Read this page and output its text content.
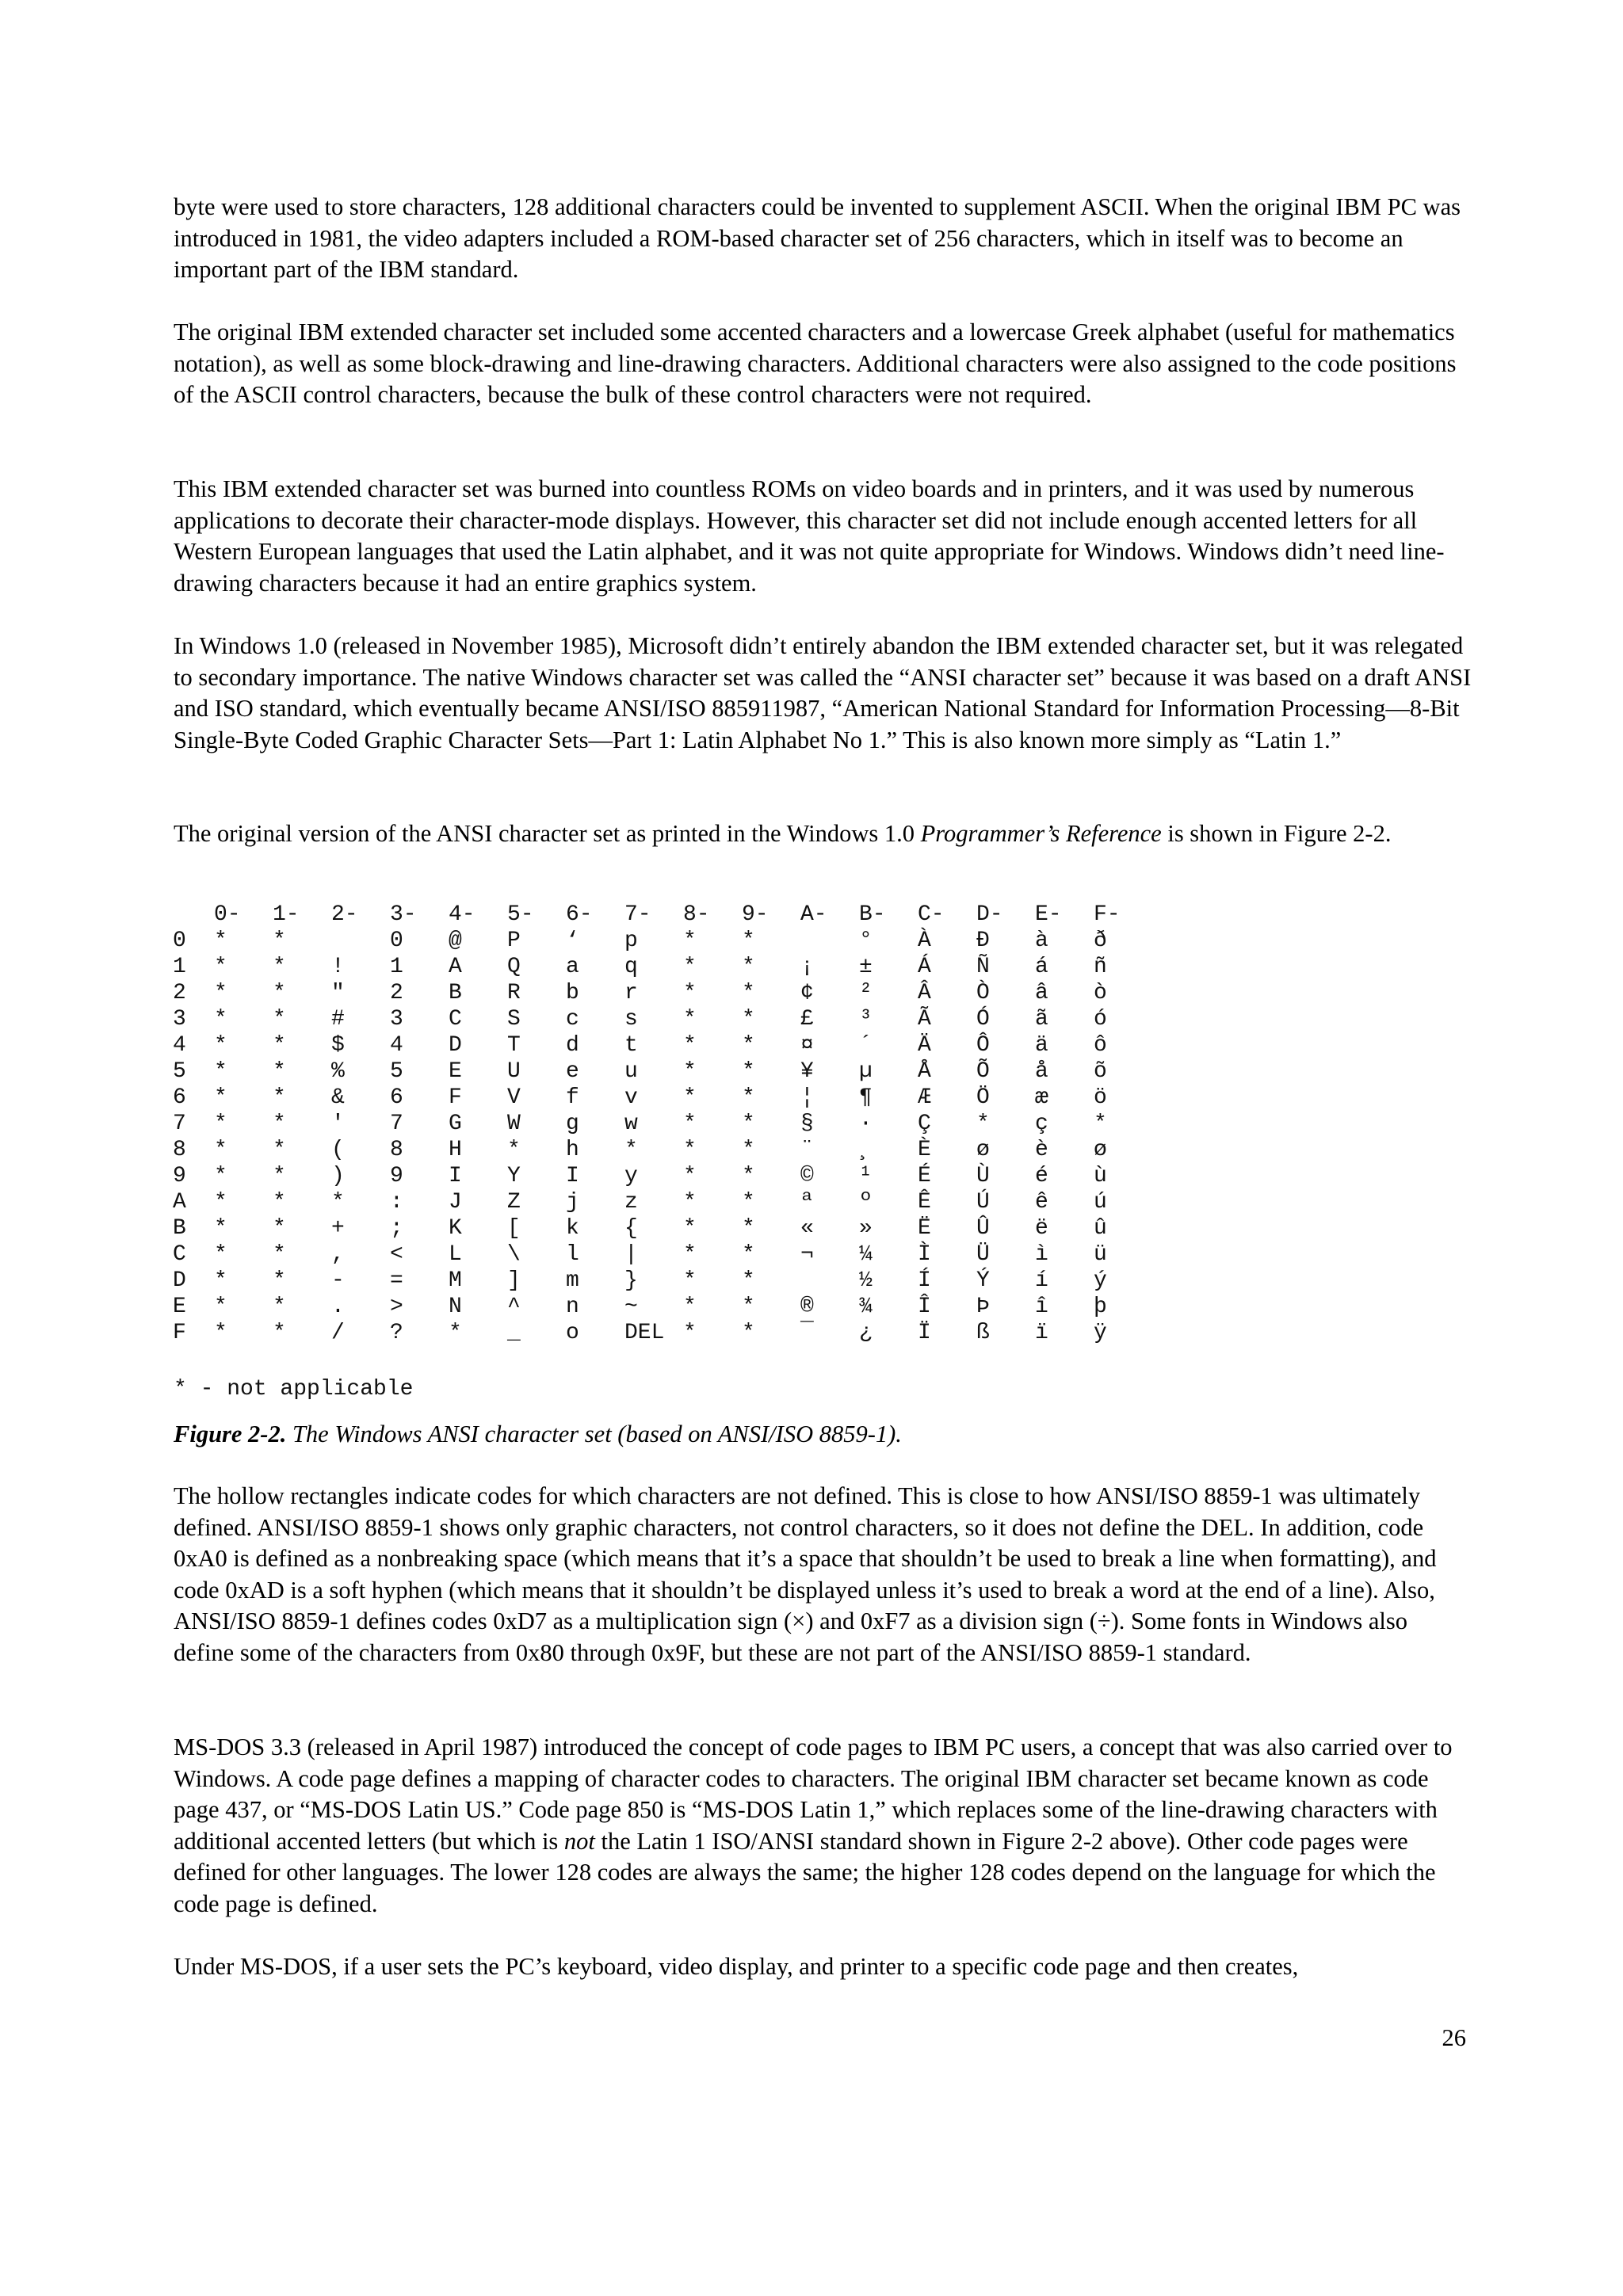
byte were used to store characters, 128 additional characters could be invented to supplement ASCII. When the original IBM PC was introduced in 1981, the video adapters included a ROM-based character set of 256 characters, which in itself was to become an important part of the IBM standard.

The original IBM extended character set included some accented characters and a lowercase Greek alphabet (useful for mathematics notation), as well as some block-drawing and line-drawing characters. Additional characters were also assigned to the code positions of the ASCII control characters, because the bulk of these control characters were not required.

This IBM extended character set was burned into countless ROMs on video boards and in printers, and it was used by numerous applications to decorate their character-mode displays. However, this character set did not include enough accented letters for all Western European languages that used the Latin alphabet, and it was not quite appropriate for Windows. Windows didn’t need line-drawing characters because it had an entire graphics system.

In Windows 1.0 (released in November 1985), Microsoft didn’t entirely abandon the IBM extended character set, but it was relegated to secondary importance. The native Windows character set was called the “ANSI character set” because it was based on a draft ANSI and ISO standard, which eventually became ANSI/ISO 885911987, “American National Standard for Information Processing—8-Bit Single-Byte Coded Graphic Character Sets—Part 1: Latin Alphabet No 1.” This is also known more simply as “Latin 1.”

The original version of the ANSI character set as printed in the Windows 1.0 Programmer’s Reference is shown in Figure 2-2.

	0-	1-	2-	3-	4-	5-	6-	7-	8-	9-	A-	B-	C-	D-	E-	F-
0	*	*		0	@	P	‘	p	*	*		°	À	Ð	à	ð
1	*	*	!	1	A	Q	a	q	*	*	¡	±	Á	Ñ	á	ñ
2	*	*	"	2	B	R	b	r	*	*	¢	²	Â	Ò	â	ò
3	*	*	#	3	C	S	c	s	*	*	£	³	Ã	Ó	ã	ó
4	*	*	$	4	D	T	d	t	*	*	¤	´	Ä	Ô	ä	ô
5	*	*	%	5	E	U	e	u	*	*	¥	µ	Å	Õ	å	õ
6	*	*	&	6	F	V	f	v	*	*	¦	¶	Æ	Ö	æ	ö
7	*	*	'	7	G	W	g	w	*	*	§	·	Ç	*	ç	*
8	*	*	(	8	H	*	h	*	*	*	¨	¸	È	ø	è	ø
9	*	*	)	9	I	Y	I	y	*	*	©	¹	É	Ù	é	ù
A	*	*	*	:	J	Z	j	z	*	*	ª	º	Ê	Ú	ê	ú
B	*	*	+	;	K	[	k	{	*	*	«	»	Ë	Û	ë	û
C	*	*	,	<	L	\	l	|	*	*	¬	¼	Ì	Ü	ì	ü
D	*	*	-	=	M	]	m	}	*	*		½	Í	Ý	í	ý
E	*	*	.	>	N	^	n	~	*	*	®	¾	Î	Þ	î	þ
F	*	*	/	?	*	_	o	DEL	*	*	¯	¿	Ï	ß	ï	ÿ
* - not applicable
Figure 2-2. The Windows ANSI character set (based on ANSI/ISO 8859-1).

The hollow rectangles indicate codes for which characters are not defined. This is close to how ANSI/ISO 8859-1 was ultimately defined. ANSI/ISO 8859-1 shows only graphic characters, not control characters, so it does not define the DEL. In addition, code 0xA0 is defined as a nonbreaking space (which means that it’s a space that shouldn’t be used to break a line when formatting), and code 0xAD is a soft hyphen (which means that it shouldn’t be displayed unless it’s used to break a word at the end of a line). Also, ANSI/ISO 8859-1 defines codes 0xD7 as a multiplication sign (×) and 0xF7 as a division sign (÷). Some fonts in Windows also define some of the characters from 0x80 through 0x9F, but these are not part of the ANSI/ISO 8859-1 standard.

MS-DOS 3.3 (released in April 1987) introduced the concept of code pages to IBM PC users, a concept that was also carried over to Windows. A code page defines a mapping of character codes to characters. The original IBM character set became known as code page 437, or “MS-DOS Latin US.” Code page 850 is “MS-DOS Latin 1,” which replaces some of the line-drawing characters with additional accented letters (but which is not the Latin 1 ISO/ANSI standard shown in Figure 2-2 above). Other code pages were defined for other languages. The lower 128 codes are always the same; the higher 128 codes depend on the language for which the code page is defined.

Under MS-DOS, if a user sets the PC’s keyboard, video display, and printer to a specific code page and then creates,

26
